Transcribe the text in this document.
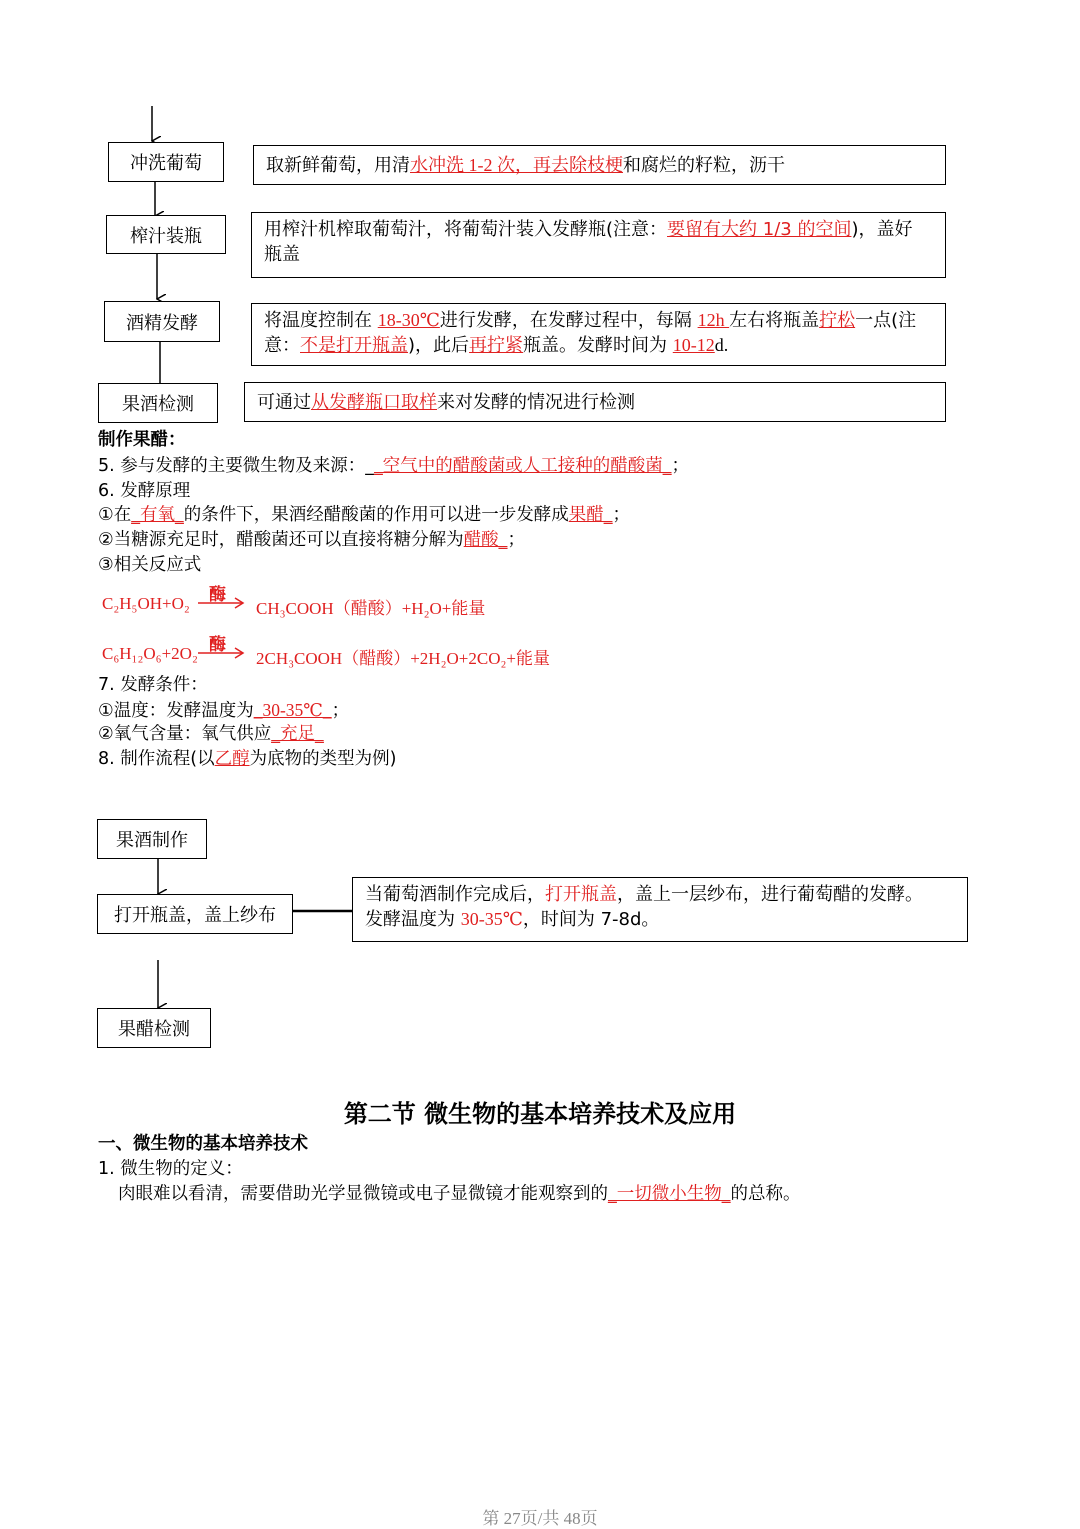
冲洗葡萄
榨汁装瓶
酒精发酵
果酒检测
取新鲜葡萄，用清水冲洗 1-2 次，再去除枝梗和腐烂的籽粒，沥干
用榨汁机榨取葡萄汁，将葡萄汁装入发酵瓶(注意：要留有大约 1/3 的空间)，盖好
瓶盖
将温度控制在 18-30℃进行发酵，在发酵过程中，每隔 12h 左右将瓶盖拧松一点(注
意：不是打开瓶盖)，此后再拧紧瓶盖。发酵时间为 10-12d.
可通过从发酵瓶口取样来对发酵的情况进行检测
制作果醋：
5. 参与发酵的主要微生物及来源：__空气中的醋酸菌或人工接种的醋酸菌_；
6. 发酵原理
①在_有氧_的条件下，果酒经醋酸菌的作用可以进一步发酵成果醋_；
②当糖源充足时，醋酸菌还可以直接将糖分解为醋酸_；
③相关反应式
C₂H₅OH+O₂ 酶
CH₃COOH（醋酸）+H₂O+能量
C₆H₁₂O₆+2O₂ 酶
2CH₃COOH（醋酸）+2H₂O+2CO₂+能量
7. 发酵条件：
①温度：发酵温度为_30-35℃_；
②氧气含量：氧气供应_充足_
8. 制作流程(以乙醇为底物的类型为例)
果酒制作
打开瓶盖，盖上纱布
果醋检测
当葡萄酒制作完成后，打开瓶盖，盖上一层纱布，进行葡萄醋的发酵。
发酵温度为 30-35℃，时间为 7-8d。
第二节 微生物的基本培养技术及应用
一、微生物的基本培养技术
1. 微生物的定义：
肉眼难以看清，需要借助光学显微镜或电子显微镜才能观察到的_一切微小生物_的总称。
第 27页/共 48页
